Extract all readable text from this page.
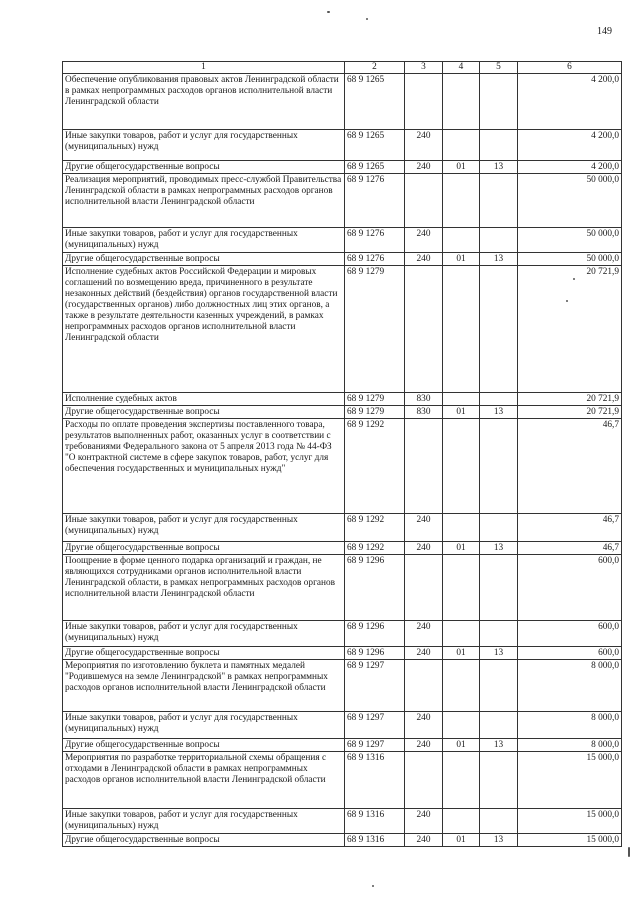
149
1	2	3	4	5	6
Обеспечение опубликования правовых актов Ленинградской области в рамках непрограммных расходов органов исполнительной власти Ленинградской области	68 9 1265				4 200,0
Иные закупки товаров, работ и услуг для государственных (муниципальных) нужд	68 9 1265	240			4 200,0
Другие общегосударственные вопросы	68 9 1265	240	01	13	4 200,0
Реализация мероприятий, проводимых пресс-службой Правительства Ленинградской области в рамках непрограммных расходов органов исполнительной власти Ленинградской области	68 9 1276				50 000,0
Иные закупки товаров, работ и услуг для государственных (муниципальных) нужд	68 9 1276	240			50 000,0
Другие общегосударственные вопросы	68 9 1276	240	01	13	50 000,0
Исполнение судебных актов Российской Федерации и мировых соглашений по возмещению вреда, причиненного в результате незаконных действий (бездействия) органов государственной власти (государственных органов) либо должностных лиц этих органов, а также в результате деятельности казенных учреждений, в рамках непрограммных расходов органов исполнительной власти Ленинградской области	68 9 1279				20 721,9
Исполнение судебных актов	68 9 1279	830			20 721,9
Другие общегосударственные вопросы	68 9 1279	830	01	13	20 721,9
Расходы по оплате проведения экспертизы поставленного товара, результатов выполненных работ, оказанных услуг в соответствии с требованиями Федерального закона от 5 апреля 2013 года № 44-ФЗ "О контрактной системе в сфере закупок товаров, работ, услуг для обеспечения государственных и муниципальных нужд"	68 9 1292				46,7
Иные закупки товаров, работ и услуг для государственных (муниципальных) нужд	68 9 1292	240			46,7
Другие общегосударственные вопросы	68 9 1292	240	01	13	46,7
Поощрение в форме ценного подарка организаций и граждан, не являющихся сотрудниками органов исполнительной власти Ленинградской области, в рамках непрограммных расходов органов исполнительной власти Ленинградской области	68 9 1296				600,0
Иные закупки товаров, работ и услуг для государственных (муниципальных) нужд	68 9 1296	240			600,0
Другие общегосударственные вопросы	68 9 1296	240	01	13	600,0
Мероприятия по изготовлению буклета и памятных медалей "Родившемуся на земле Ленинградской" в рамках непрограммных расходов органов исполнительной власти Ленинградской области	68 9 1297				8 000,0
Иные закупки товаров, работ и услуг для государственных (муниципальных) нужд	68 9 1297	240			8 000,0
Другие общегосударственные вопросы	68 9 1297	240	01	13	8 000,0
Мероприятия по разработке территориальной схемы обращения с отходами в Ленинградской области в рамках непрограммных расходов органов исполнительной власти Ленинградской области	68 9 1316				15 000,0
Иные закупки товаров, работ и услуг для государственных (муниципальных) нужд	68 9 1316	240			15 000,0
Другие общегосударственные вопросы	68 9 1316	240	01	13	15 000,0
